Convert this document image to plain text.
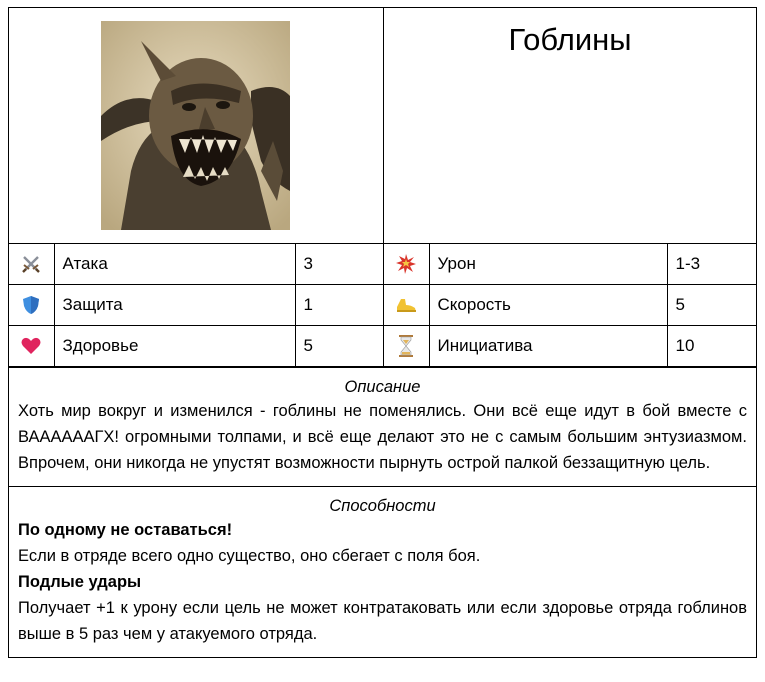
Гоблины
	Атака	3		Урон	1-3

	Защита	1		Скорость	5

	Здоровье	5		Инициатива	10
Описание
Хоть мир вокруг и изменился - гоблины не поменялись. Они всё еще идут в бой вместе с ВААААААГХ! огромными толпами, и всё еще делают это не с самым большим энтузиазмом. Впрочем, они никогда не упустят возможности пырнуть острой палкой беззащитную цель.
Способности
По одному не оставаться!
Если в отряде всего одно существо, оно сбегает с поля боя.
Подлые удары
Получает +1 к урону если цель не может контратаковать или если здоровье отряда гоблинов выше в 5 раз чем у атакуемого отряда.
